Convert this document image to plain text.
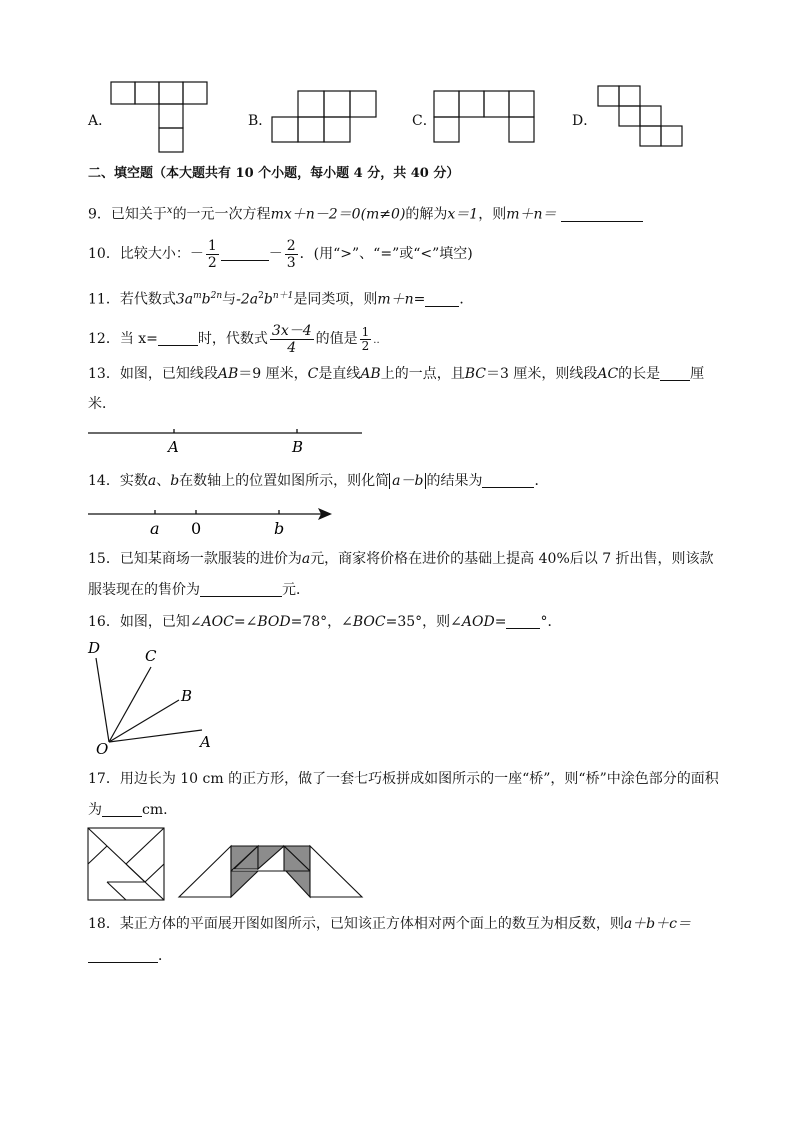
A．	B．	C．	D．
二、填空题（本大题共有 10 个小题，每小题 4 分，共 40 分）
9．已知关于$^x$的一元一次方程mx＋n－2＝0(m≠0)的解为x＝1，则m＋n＝
10．比较大小：－ $\frac{1}{2}$	－ $\frac{2}{3}$ ．(用“>”、“=”或“<”填空)
11．若代数式$3a^mb^{2n}$与$-2a^2b^{n+1}$是同类项，则m＋n= ．
12．当 x=	时，代数式 $\frac{3x-4}{4}$ 的值是 $\frac{1}{2}$ ..
13．如图，已知线段AB＝9 厘米，C是直线AB上的一点，且BC＝3 厘米，则线段AC的长是 厘
米．
A	B
14．实数a、b在数轴上的位置如图所示，则化简 a－b 的结果为	．
a 0	b
15．已知某商场一款服装的进价为a元，商家将价格在进价的基础上提高 40%后以 7 折出售，则该款
服装现在的售价为	元．
16．如图，已知∠AOC=∠BOD=78°，∠BOC=35°，则∠AOD= °．
D	C
B
A
O
17．用边长为 10 cm 的正方形，做了一套七巧板拼成如图所示的一座“桥”，则“桥”中涂色部分的面积
为	cm.
18．某正方体的平面展开图如图所示，已知该正方体相对两个面上的数互为相反数，则a＋b＋c＝
．
